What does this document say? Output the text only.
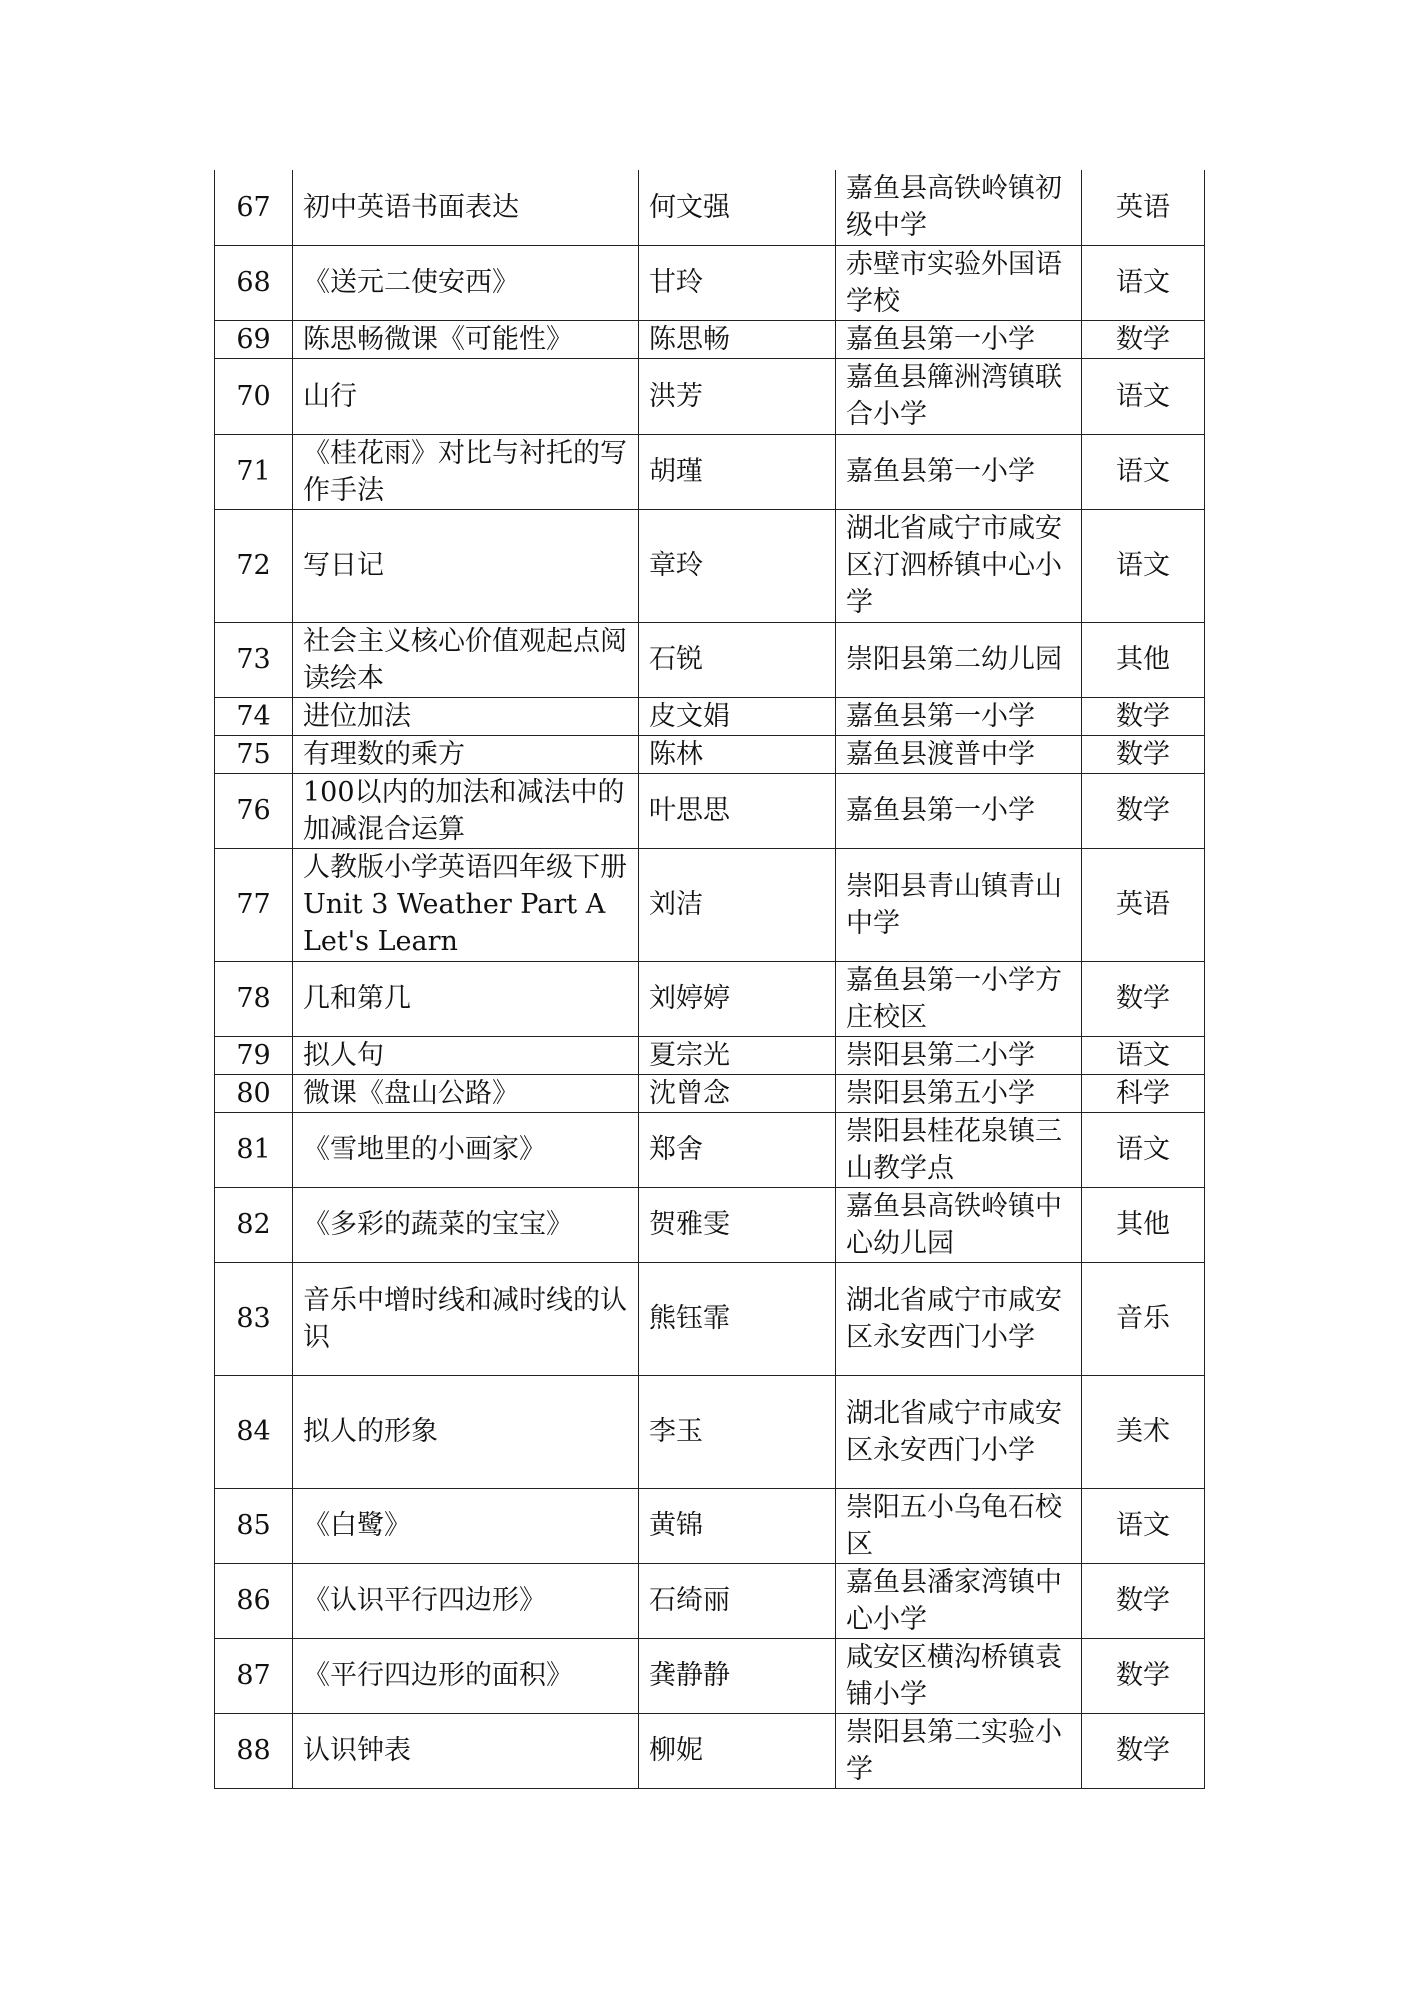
67	初中英语书面表达	何文强	嘉鱼县高铁岭镇初级中学	英语
68	《送元二使安西》	甘玲	赤壁市实验外国语学校	语文
69	陈思畅微课《可能性》	陈思畅	嘉鱼县第一小学	数学
70	山行	洪芳	嘉鱼县簰洲湾镇联合小学	语文
71	《桂花雨》对比与衬托的写作手法	胡瑾	嘉鱼县第一小学	语文
72	写日记	章玲	湖北省咸宁市咸安区汀泗桥镇中心小学	语文
73	社会主义核心价值观起点阅读绘本	石锐	崇阳县第二幼儿园	其他
74	进位加法	皮文娟	嘉鱼县第一小学	数学
75	有理数的乘方	陈林	嘉鱼县渡普中学	数学
76	100以内的加法和减法中的加减混合运算	叶思思	嘉鱼县第一小学	数学
77	人教版小学英语四年级下册Unit 3 Weather Part A Let's Learn	刘洁	崇阳县青山镇青山中学	英语
78	几和第几	刘婷婷	嘉鱼县第一小学方庄校区	数学
79	拟人句	夏宗光	崇阳县第二小学	语文
80	微课《盘山公路》	沈曾念	崇阳县第五小学	科学
81	《雪地里的小画家》	郑舍	崇阳县桂花泉镇三山教学点	语文
82	《多彩的蔬菜的宝宝》	贺雅雯	嘉鱼县高铁岭镇中心幼儿园	其他
83	音乐中增时线和减时线的认识	熊钰霏	湖北省咸宁市咸安区永安西门小学	音乐
84	拟人的形象	李玉	湖北省咸宁市咸安区永安西门小学	美术
85	《白鹭》	黄锦	崇阳五小乌龟石校区	语文
86	《认识平行四边形》	石绮丽	嘉鱼县潘家湾镇中心小学	数学
87	《平行四边形的面积》	龚静静	咸安区横沟桥镇袁铺小学	数学
88	认识钟表	柳妮	崇阳县第二实验小学	数学
